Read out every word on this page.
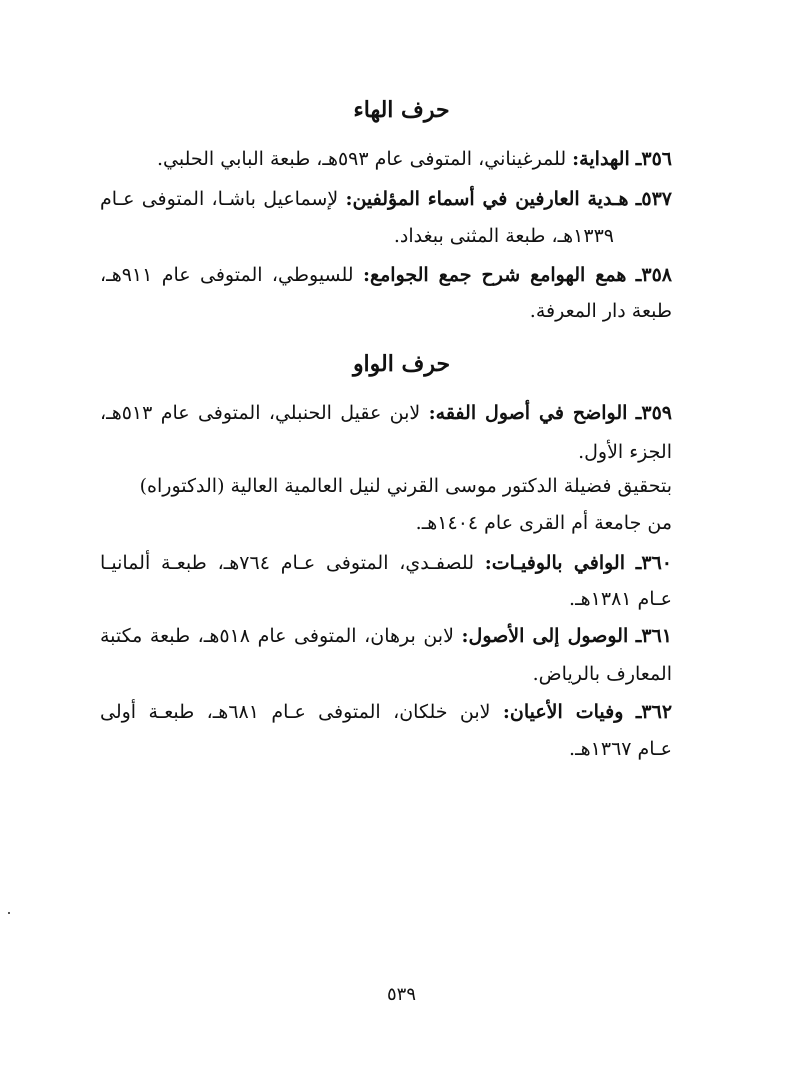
حرف الهاء
٣٥٦ـ الهداية: للمرغيناني، المتوفى عام ٥٩٣هـ، طبعة البابي الحلبي.
٥٣٧ـ هـدية العارفين في أسماء المؤلفين: لإسماعيل باشـا، المتوفى عـام
١٣٣٩هـ، طبعة المثنى ببغداد.
٣٥٨ـ همع الهوامع شرح جمع الجوامع: للسيوطي، المتوفى عام ٩١١هـ،
طبعة دار المعرفة.
حرف الواو
٣٥٩ـ الواضح في أصول الفقه: لابن عقيل الحنبلي، المتوفى عام ٥١٣هـ،
الجزء الأول.
بتحقيق فضيلة الدكتور موسى القرني لنيل العالمية العالية (الدكتوراه)
من جامعة أم القرى عام ١٤٠٤هـ.
٣٦٠ـ الوافي بالوفيـات: للصفـدي، المتوفى عـام ٧٦٤هـ، طبعـة ألمانيـا
عـام ١٣٨١هـ.
٣٦١ـ الوصول إلى الأصول: لابن برهان، المتوفى عام ٥١٨هـ، طبعة مكتبة
المعارف بالرياض.
٣٦٢ـ وفيات الأعيان: لابن خلكان، المتوفى عـام ٦٨١هـ، طبعـة أولى
عـام ١٣٦٧هـ.
٥٣٩
